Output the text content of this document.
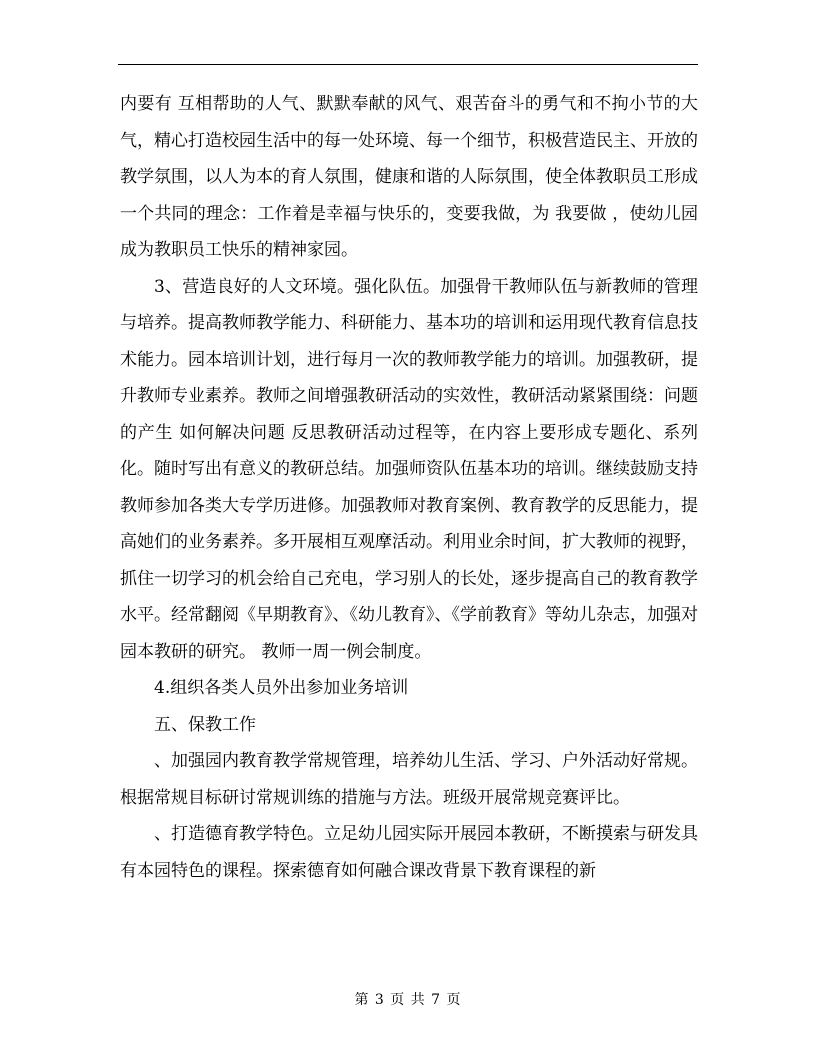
内要有 互相帮助的人气、默默奉献的风气、艰苦奋斗的勇气和不拘小节的大气，精心打造校园生活中的每一处环境、每一个细节，积极营造民主、开放的教学氛围，以人为本的育人氛围，健康和谐的人际氛围，使全体教职员工形成一个共同的理念：工作着是幸福与快乐的，变要我做，为 我要做 ，使幼儿园成为教职员工快乐的精神家园。

3、营造良好的人文环境。强化队伍。加强骨干教师队伍与新教师的管理与培养。提高教师教学能力、科研能力、基本功的培训和运用现代教育信息技术能力。园本培训计划，进行每月一次的教师教学能力的培训。加强教研，提升教师专业素养。教师之间增强教研活动的实效性，教研活动紧紧围绕：问题的产生 如何解决问题 反思教研活动过程等，在内容上要形成专题化、系列化。随时写出有意义的教研总结。加强师资队伍基本功的培训。继续鼓励支持教师参加各类大专学历进修。加强教师对教育案例、教育教学的反思能力，提高她们的业务素养。多开展相互观摩活动。利用业余时间，扩大教师的视野，抓住一切学习的机会给自己充电，学习别人的长处，逐步提高自己的教育教学水平。经常翻阅《早期教育》、《幼儿教育》、《学前教育》等幼儿杂志，加强对园本教研的研究。 教师一周一例会制度。

4.组织各类人员外出参加业务培训

五、保教工作

、加强园内教育教学常规管理，培养幼儿生活、学习、户外活动好常规。根据常规目标研讨常规训练的措施与方法。班级开展常规竞赛评比。

、打造德育教学特色。立足幼儿园实际开展园本教研，不断摸索与研发具有本园特色的课程。探索德育如何融合课改背景下教育课程的新

第 3 页 共 7 页
